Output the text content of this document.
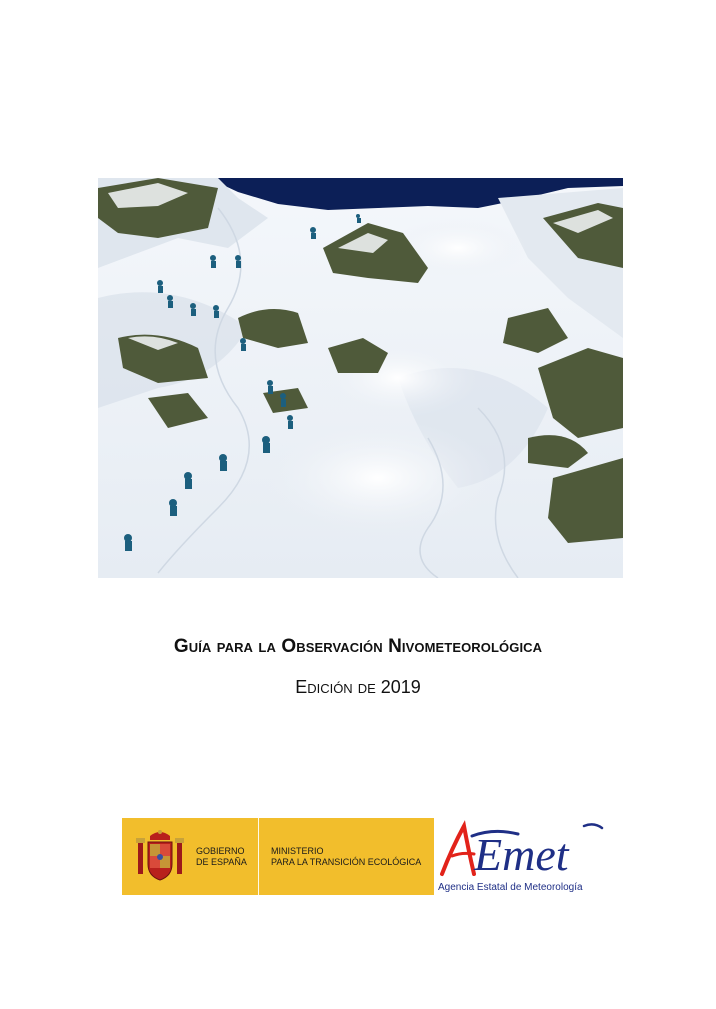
Guía para la Observación Nivometeorológica

Edición de 2019

GOBIERNO
DE ESPAÑA
MINISTERIO
PARA LA TRANSICIÓN ECOLÓGICA Emet
Agencia Estatal de Meteorología
